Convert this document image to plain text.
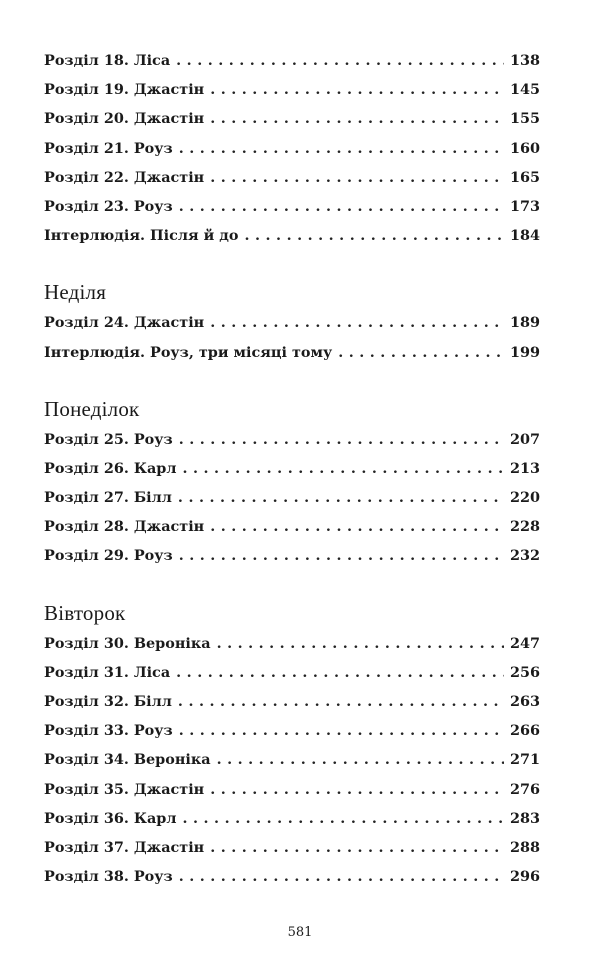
Розділ 18. Ліса . . .	138
Розділ 19. Джастін . . .	145
Розділ 20. Джастін . . .	155
Розділ 21. Роуз . . .	160
Розділ 22. Джастін . . .	165
Розділ 23. Роуз . . .	173
Інтерлюдія. Після й до . . .	184
Неділя
Розділ 24. Джастін . . .	189
Інтерлюдія. Роуз, три місяці тому . . .	199
Понеділок
Розділ 25. Роуз . . .	207
Розділ 26. Карл . . .	213
Розділ 27. Білл . . .	220
Розділ 28. Джастін . . .	228
Розділ 29. Роуз . . .	232
Вівторок
Розділ 30. Вероніка . . .	247
Розділ 31. Ліса . . .	256
Розділ 32. Білл . . .	263
Розділ 33. Роуз . . .	266
Розділ 34. Вероніка . . .	271
Розділ 35. Джастін . . .	276
Розділ 36. Карл . . .	283
Розділ 37. Джастін . . .	288
Розділ 38. Роуз . . .	296
581
